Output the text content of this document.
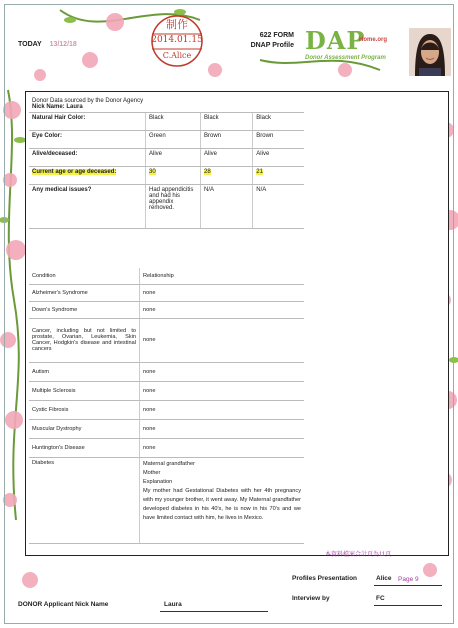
TODAY 13/12/18
制作
2014.01.15
C.Alice
622 FORM
DNAP Profile DAP
Home.org
Donor Assessment Program
Donor Data sourced by the Donor Agency
Nick Name: Laura			

Natural Hair Color:	Black	Black	Black
Eye Color:	Green	Brown	Brown
Alive/deceased:	Alive	Alive	Alive
Current age or age deceased:	30	28	21
Any medical issues?	Had appendicitis and had his appendix removed.	N/A	N/A
Condition	Relationship
Alzheimer's Syndrome	none
Down's Syndrome	none
Cancer, including but not limited to prostate, Ovarian, Leukemia, Skin Cancer, Hodgkin's disease and intestinal cancers	none
Autism	none
Multiple Sclerosis	none
Cystic Fibrosis	none
Muscular Dystrophy	none
Huntington's Disease	none
Diabetes	Maternal grandfather
Mother
Explanation
My mother had Gestational Diabetes with her 4th pregnancy with my younger brother, it went away. My Maternal grandfather developed diabetes in his 40's, he is now in his 70's and we have limited contact with him, he lives in Mexico.
本資料檔案合計頁為11頁
Profiles Presentation	Alice Page 9
Interview by	FC
DONOR Applicant Nick Name	Laura
